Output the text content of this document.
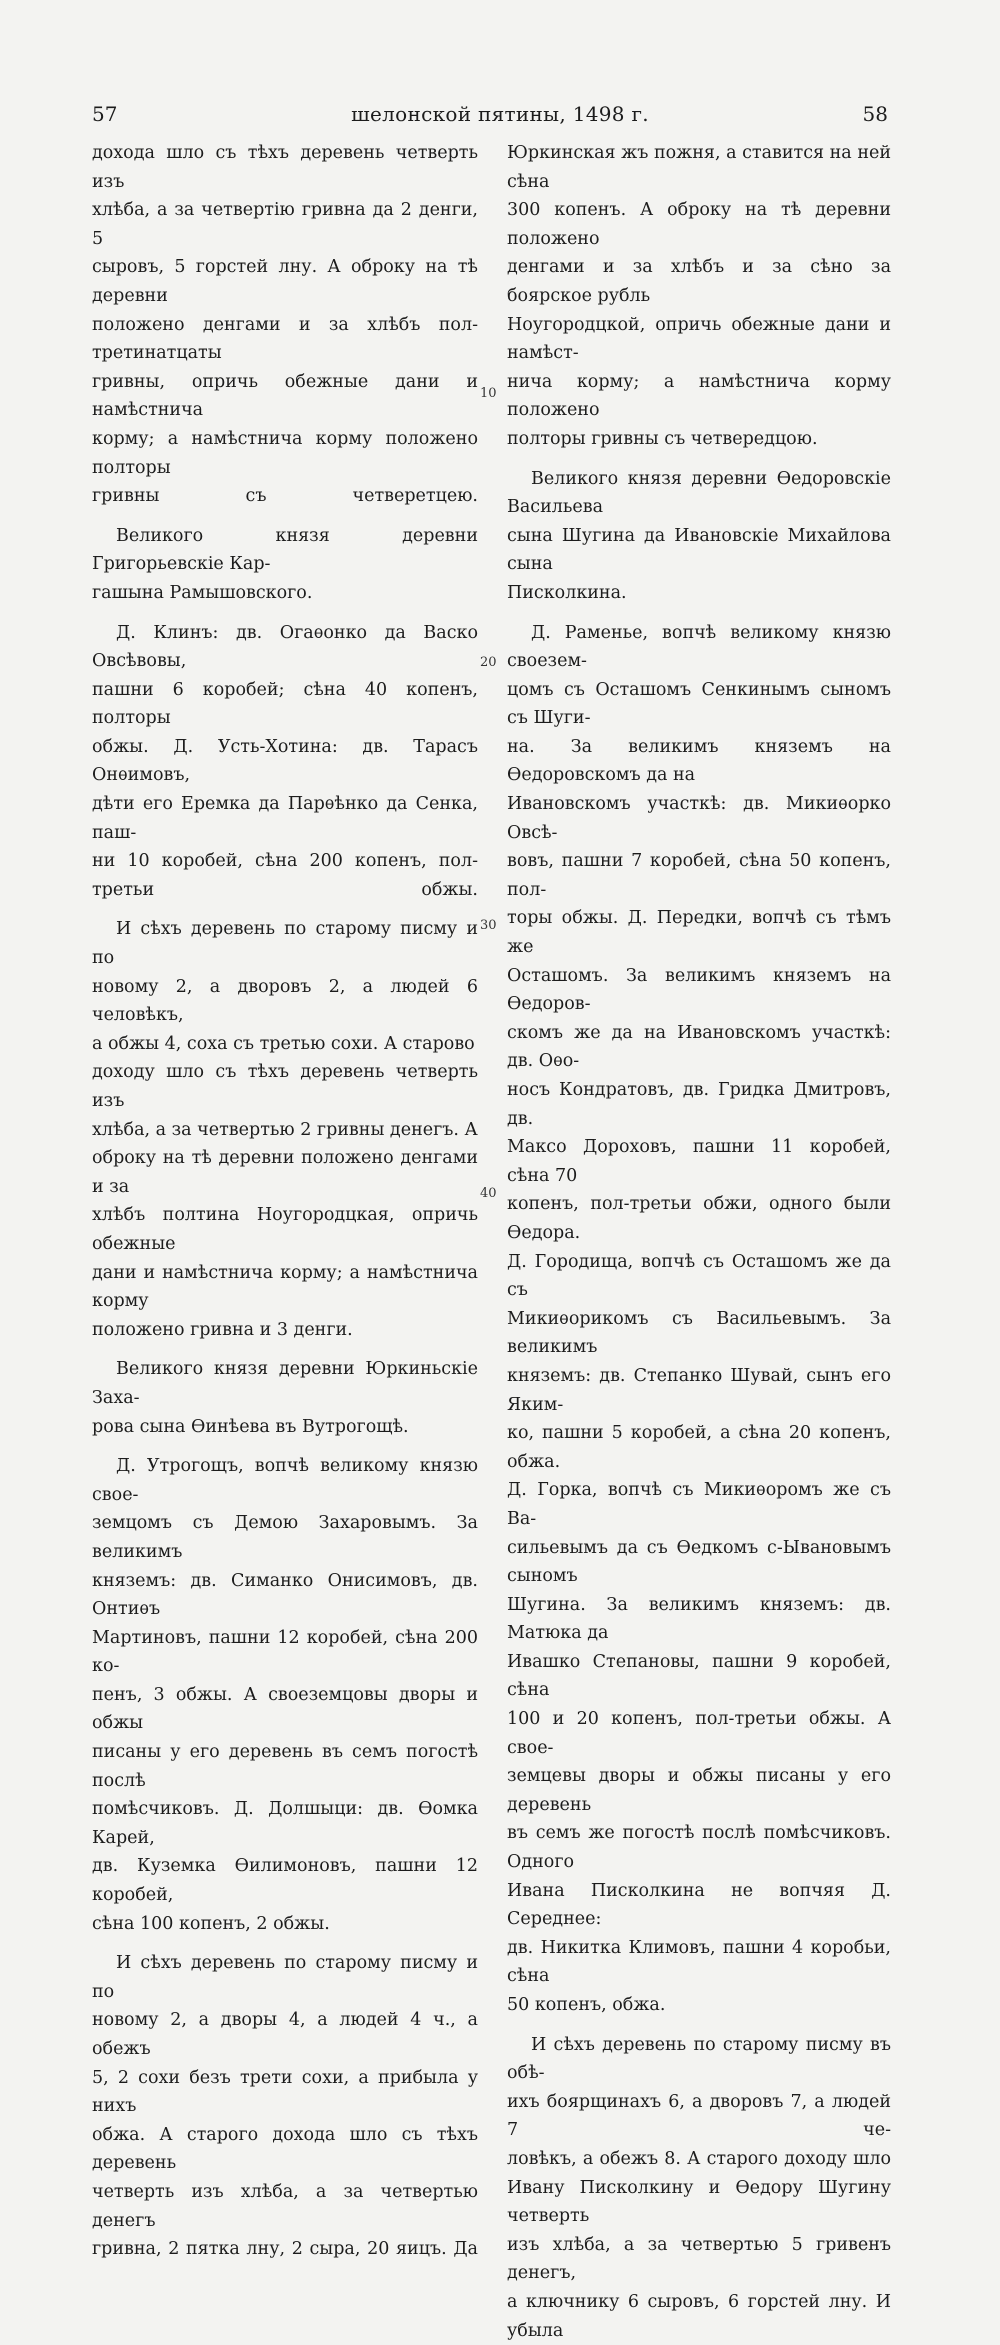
57	шелонской пятины, 1498 г.	58

дохода шло съ тѣхъ деревень четверть изъ
хлѣба, а за четвертiю гривна да 2 денги, 5
сыровъ, 5 горстей лну. А оброку на тѣ деревни
положено денгами и за хлѣбъ пол-третинатцаты
гривны, опричь обежные дани и намѣстнича
корму; а намѣстнича корму положено полторы
гривны съ четверетцею.

Великого князя деревни Григорьевскiе Кар-
гашына Рамышовского.

Д. Клинъ: дв. Огаѳонко да Васко Овсѣвовы,
пашни 6 коробей; сѣна 40 копенъ, полторы
обжы. Д. Усть-Хотина: дв. Тарасъ Онѳимовъ,
дѣти его Еремка да Парѳѣнко да Сенка, паш-
ни 10 коробей, сѣна 200 копенъ, пол-третьи обжы.

И сѣхъ деревень по старому писму и по
новому 2, а дворовъ 2, а людей 6 человѣкъ,
а обжы 4, соха съ третью сохи. А старово
доходу шло съ тѣхъ деревень четверть изъ
хлѣба, а за четвертью 2 гривны денегъ. А
оброку на тѣ деревни положено денгами и за
хлѣбъ полтина Ноугородцкая, опричь обежные
дани и намѣстнича корму; а намѣстнича корму
положено гривна и 3 денги.

Великого князя деревни Юркиньскiе Заха-
рова сына Ѳинѣева въ Вутрогощѣ.

Д. Утрогощъ, вопчѣ великому князю свое-
земцомъ съ Демою Захаровымъ. За великимъ
княземъ: дв. Симанко Онисимовъ, дв. Онтиѳъ
Мартиновъ, пашни 12 коробей, сѣна 200 ко-
пенъ, 3 обжы. А своеземцовы дворы и обжы
писаны у его деревень въ семъ погостѣ послѣ
помѣсчиковъ. Д. Долшыци: дв. Ѳомка Карей,
дв. Куземка Ѳилимоновъ, пашни 12 коробей,
сѣна 100 копенъ, 2 обжы.

И сѣхъ деревень по старому писму и по
новому 2, а дворы 4, а людей 4 ч., а обежъ
5, 2 сохи безъ трети сохи, а прибыла у нихъ
обжа. А старого дохода шло съ тѣхъ деревень
четверть изъ хлѣба, а за четвертью денегъ
гривна, 2 пятка лну, 2 сыра, 20 яицъ. Да

Юркинская жъ пожня, а ставится на ней сѣна
300 копенъ. А оброку на тѣ деревни положено
денгами и за хлѣбъ и за сѣно за боярское рубль
Ноугородцкой, опричь обежные дани и намѣст-
нича корму; а намѣстнича корму положено
полторы гривны съ четвередцою.

Великого князя деревни Ѳедоровскiе Васильева
сына Шугина да Ивановскiе Михайлова сына
Писколкина.

Д. Раменье, вопчѣ великому князю своезем-
цомъ съ Осташомъ Сенкинымъ сыномъ съ Шуги-
на. За великимъ княземъ на Ѳедоровскомъ да на
Ивановскомъ участкѣ: дв. Микиѳорко Овсѣ-
вовъ, пашни 7 коробей, сѣна 50 копенъ, пол-
торы обжы. Д. Передки, вопчѣ съ тѣмъ же
Осташомъ. За великимъ княземъ на Ѳедоров-
скомъ же да на Ивановскомъ участкѣ: дв. Оѳо-
носъ Кондратовъ, дв. Гридка Дмитровъ, дв.
Максо Дороховъ, пашни 11 коробей, сѣна 70
копенъ, пол-третьи обжи, одного были Ѳедора.
Д. Городища, вопчѣ съ Осташомъ же да съ
Микиѳорикомъ съ Васильевымъ. За великимъ
княземъ: дв. Степанко Шувай, сынъ его Яким-
ко, пашни 5 коробей, а сѣна 20 копенъ, обжа.
Д. Горка, вопчѣ съ Микиѳоромъ же съ Ва-
сильевымъ да съ Ѳедкомъ с-Ывановымъ сыномъ
Шугина. За великимъ княземъ: дв. Матюка да
Ивашко Степановы, пашни 9 коробей, сѣна
100 и 20 копенъ, пол-третьи обжы. А свое-
земцевы дворы и обжы писаны у его деревень
въ семъ же погостѣ послѣ помѣсчиковъ. Одного
Ивана Писколкина не вопчяя Д. Середнее:
дв. Никитка Климовъ, пашни 4 коробьи, сѣна
50 копенъ, обжа.

И сѣхъ деревень по старому писму въ обѣ-
ихъ боярщинахъ 6, а дворовъ 7, а людей 7 че-
ловѣкъ, а обежъ 8. А старого доходу шло
Ивану Писколкину и Ѳедору Шугину четверть
изъ хлѣба, а за четвертью 5 гривенъ денегъ,
а ключнику 6 сыровъ, 6 горстей лну. И убыла

10
20
30
40
